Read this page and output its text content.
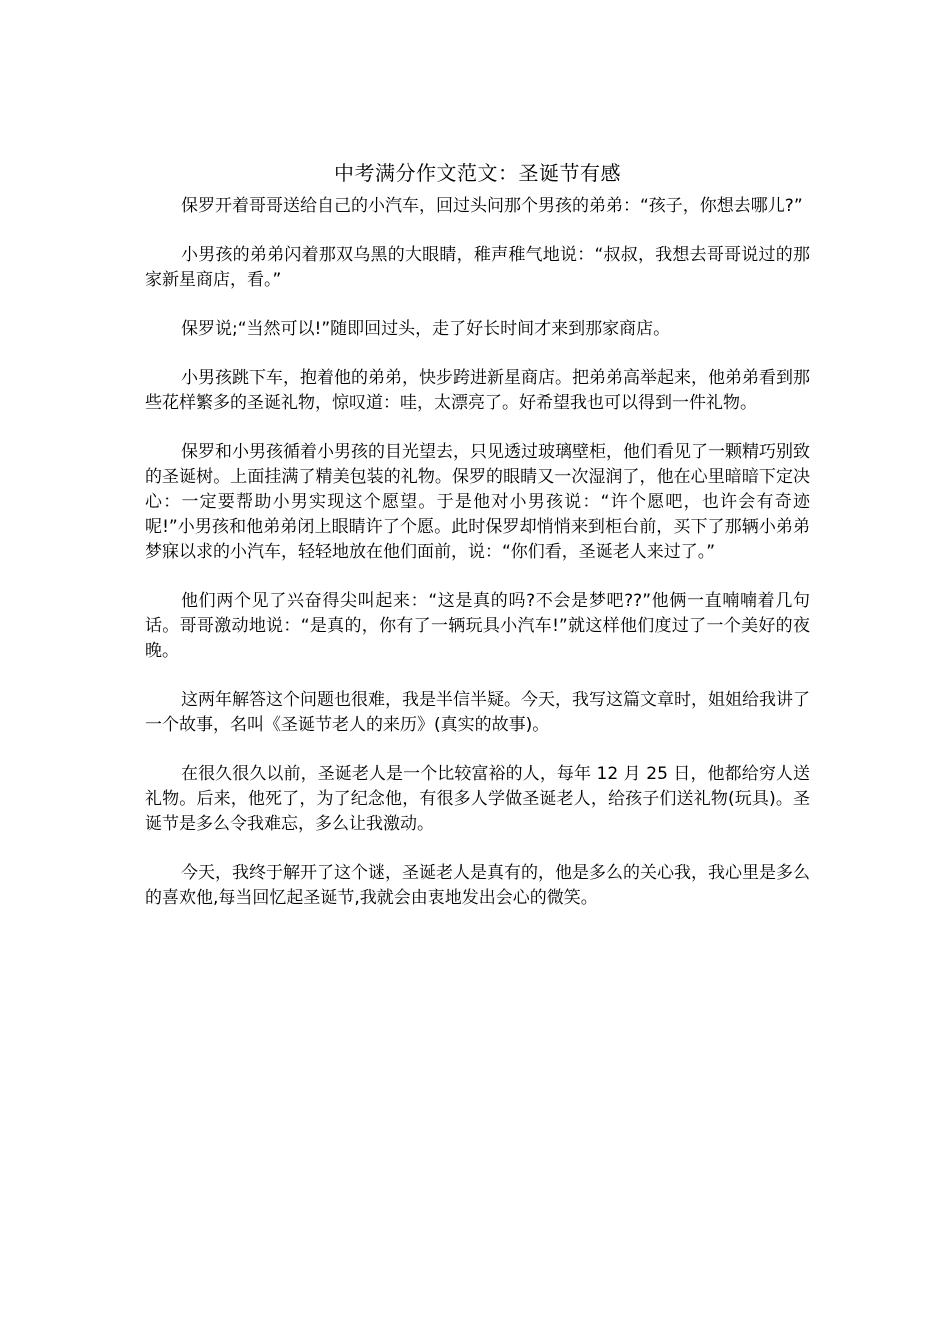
中考满分作文范文：圣诞节有感

保罗开着哥哥送给自己的小汽车，回过头问那个男孩的弟弟：“孩子，你想去哪儿?”

小男孩的弟弟闪着那双乌黑的大眼睛，稚声稚气地说：“叔叔，我想去哥哥说过的那家新星商店，看。”

保罗说;“当然可以!”随即回过头，走了好长时间才来到那家商店。

小男孩跳下车，抱着他的弟弟，快步跨进新星商店。把弟弟高举起来，他弟弟看到那些花样繁多的圣诞礼物，惊叹道：哇，太漂亮了。好希望我也可以得到一件礼物。

保罗和小男孩循着小男孩的目光望去，只见透过玻璃壁柜，他们看见了一颗精巧别致的圣诞树。上面挂满了精美包装的礼物。保罗的眼睛又一次湿润了，他在心里暗暗下定决心：一定要帮助小男实现这个愿望。于是他对小男孩说：“许个愿吧，也许会有奇迹呢!”小男孩和他弟弟闭上眼睛许了个愿。此时保罗却悄悄来到柜台前，买下了那辆小弟弟梦寐以求的小汽车，轻轻地放在他们面前，说：“你们看，圣诞老人来过了。”

他们两个见了兴奋得尖叫起来：“这是真的吗?不会是梦吧??”他俩一直喃喃着几句话。哥哥激动地说：“是真的，你有了一辆玩具小汽车!”就这样他们度过了一个美好的夜晚。

这两年解答这个问题也很难，我是半信半疑。今天，我写这篇文章时，姐姐给我讲了一个故事，名叫《圣诞节老人的来历》(真实的故事)。

在很久很久以前，圣诞老人是一个比较富裕的人，每年 12 月 25 日，他都给穷人送礼物。后来，他死了，为了纪念他，有很多人学做圣诞老人，给孩子们送礼物(玩具)。圣诞节是多么令我难忘，多么让我激动。

今天，我终于解开了这个谜，圣诞老人是真有的，他是多么的关心我，我心里是多么的喜欢他,每当回忆起圣诞节,我就会由衷地发出会心的微笑。
